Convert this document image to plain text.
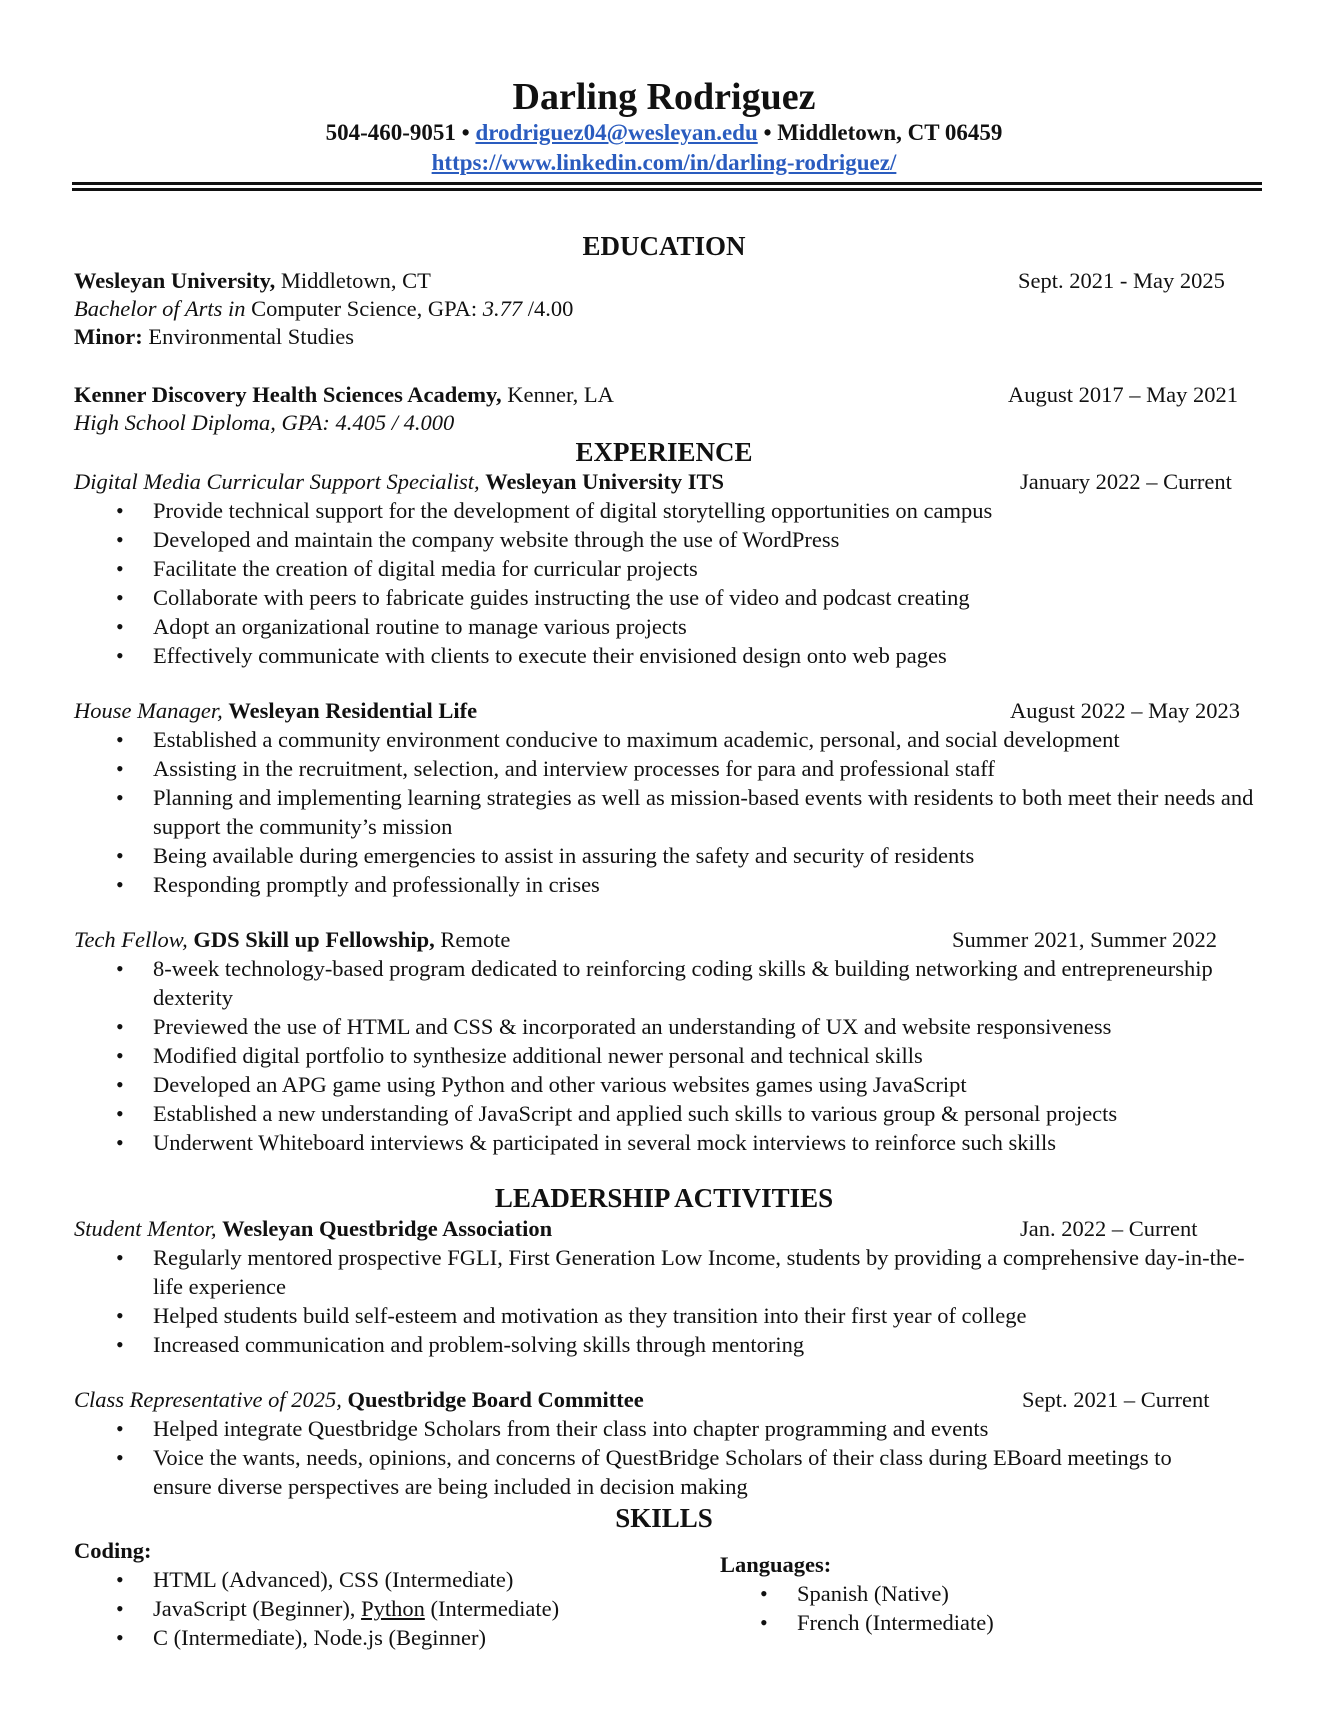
Darling Rodriguez
504-460-9051 • drodriguez04@wesleyan.edu • Middletown, CT 06459
https://www.linkedin.com/in/darling-rodriguez/
EDUCATION
Wesleyan University, Middletown, CT	Sept. 2021 - May 2025
Bachelor of Arts in Computer Science, GPA: 3.77 /4.00
Minor: Environmental Studies
Kenner Discovery Health Sciences Academy, Kenner, LA	August 2017 – May 2021
High School Diploma, GPA: 4.405 / 4.000
EXPERIENCE
Digital Media Curricular Support Specialist, Wesleyan University ITS	January 2022 – Current
• Provide technical support for the development of digital storytelling opportunities on campus
• Developed and maintain the company website through the use of WordPress
• Facilitate the creation of digital media for curricular projects
• Collaborate with peers to fabricate guides instructing the use of video and podcast creating
• Adopt an organizational routine to manage various projects
• Effectively communicate with clients to execute their envisioned design onto web pages
House Manager, Wesleyan Residential Life	August 2022 – May 2023
• Established a community environment conducive to maximum academic, personal, and social development
• Assisting in the recruitment, selection, and interview processes for para and professional staff
• Planning and implementing learning strategies as well as mission-based events with residents to both meet their needs and support the community’s mission
• Being available during emergencies to assist in assuring the safety and security of residents
• Responding promptly and professionally in crises
Tech Fellow, GDS Skill up Fellowship, Remote	Summer 2021, Summer 2022
• 8-week technology-based program dedicated to reinforcing coding skills & building networking and entrepreneurship dexterity
• Previewed the use of HTML and CSS & incorporated an understanding of UX and website responsiveness
• Modified digital portfolio to synthesize additional newer personal and technical skills
• Developed an APG game using Python and other various websites games using JavaScript
• Established a new understanding of JavaScript and applied such skills to various group & personal projects
• Underwent Whiteboard interviews & participated in several mock interviews to reinforce such skills
LEADERSHIP ACTIVITIES
Student Mentor, Wesleyan Questbridge Association	Jan. 2022 – Current
• Regularly mentored prospective FGLI, First Generation Low Income, students by providing a comprehensive day-in-the-life experience
• Helped students build self-esteem and motivation as they transition into their first year of college
• Increased communication and problem-solving skills through mentoring
Class Representative of 2025, Questbridge Board Committee	Sept. 2021 – Current
• Helped integrate Questbridge Scholars from their class into chapter programming and events
• Voice the wants, needs, opinions, and concerns of QuestBridge Scholars of their class during EBoard meetings to ensure diverse perspectives are being included in decision making
SKILLS
Coding:
• HTML (Advanced), CSS (Intermediate)
• JavaScript (Beginner), Python (Intermediate)
• C (Intermediate), Node.js (Beginner)
Languages:
• Spanish (Native)
• French (Intermediate)
